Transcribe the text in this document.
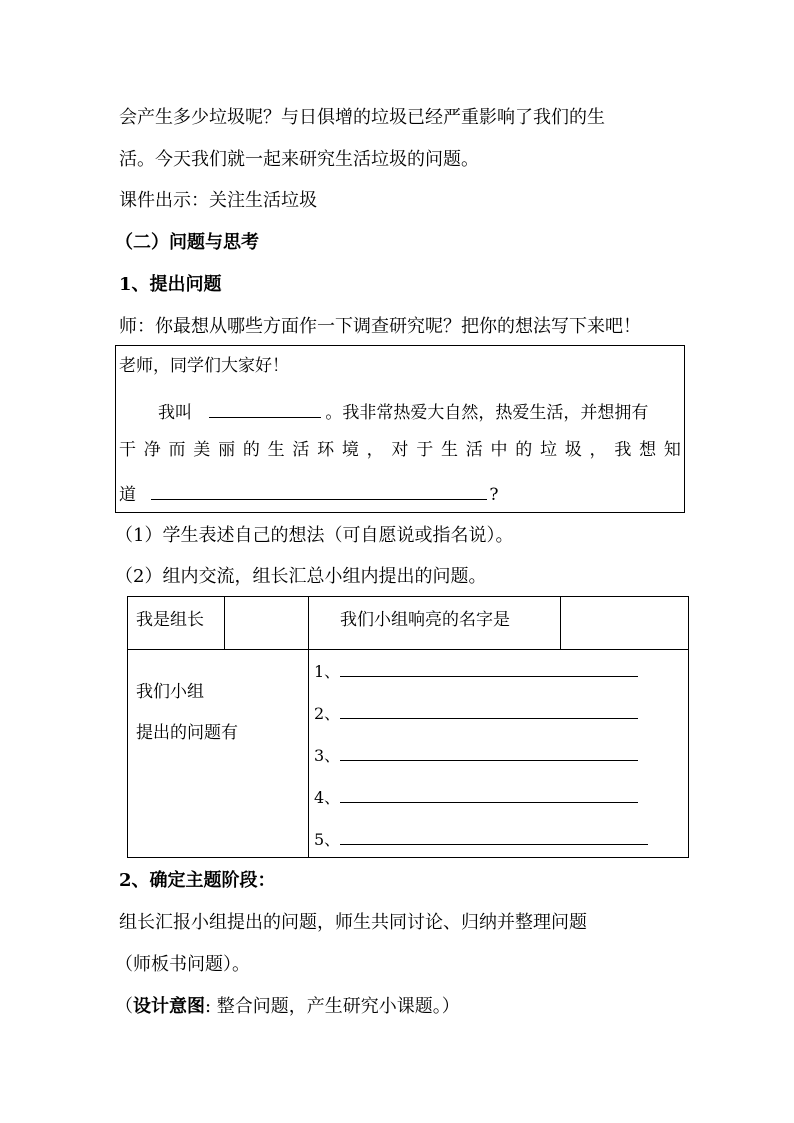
会产生多少垃圾呢？与日俱增的垃圾已经严重影响了我们的生
活。今天我们就一起来研究生活垃圾的问题。
课件出示：关注生活垃圾
（二）问题与思考
1、提出问题
师：你最想从哪些方面作一下调查研究呢？把你的想法写下来吧！
老师，同学们大家好！
我叫	。我非常热爱大自然，热爱生活，并想拥有
干 净 而 美 丽 的 生 活 环 境 ， 对 于 生 活 中 的 垃 圾 ， 我 想 知
道	?
（1）学生表述自己的想法（可自愿说或指名说）。
（2）组内交流，组长汇总小组内提出的问题。
我是组长	我们小组响亮的名字是
我们小组
提出的问题有
1、
2、
3、
4、
5、
2、确定主题阶段：
组长汇报小组提出的问题，师生共同讨论、归纳并整理问题
（师板书问题）。
（设计意图: 整合问题，产生研究小课题。）
